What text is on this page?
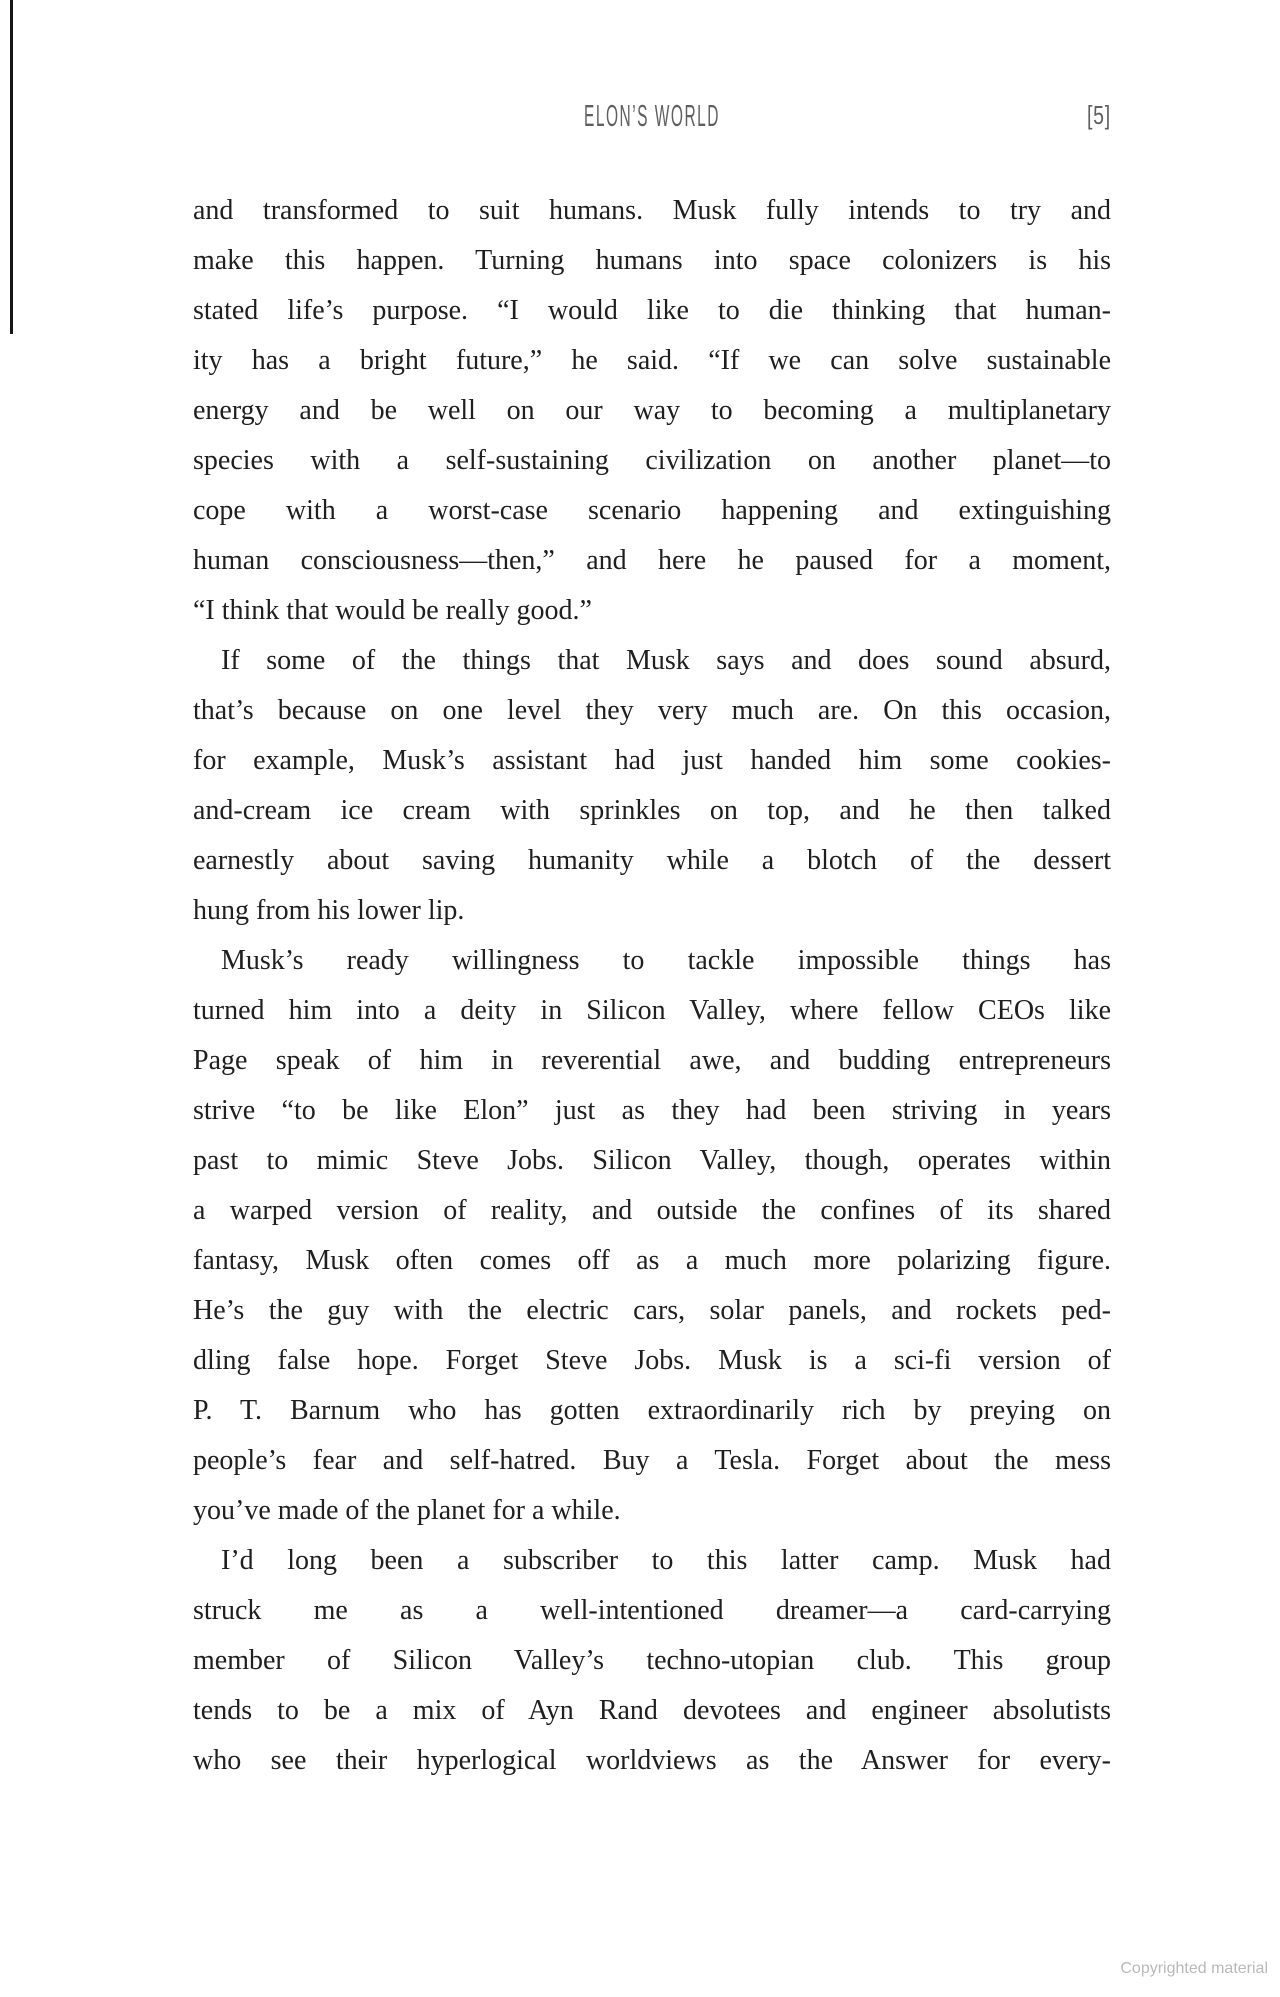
ELON’S WORLD	[5]
and transformed to suit humans. Musk fully intends to try and
make this happen. Turning humans into space colonizers is his
stated life’s purpose. “I would like to die thinking that human-
ity has a bright future,” he said. “If we can solve sustainable
energy and be well on our way to becoming a multiplanetary
species with a self-sustaining civilization on another planet—to
cope with a worst-case scenario happening and extinguishing
human consciousness—then,” and here he paused for a moment,
“I think that would be really good.”
If some of the things that Musk says and does sound absurd,
that’s because on one level they very much are. On this occasion,
for example, Musk’s assistant had just handed him some cookies-
and-cream ice cream with sprinkles on top, and he then talked
earnestly about saving humanity while a blotch of the dessert
hung from his lower lip.
Musk’s ready willingness to tackle impossible things has
turned him into a deity in Silicon Valley, where fellow CEOs like
Page speak of him in reverential awe, and budding entrepreneurs
strive “to be like Elon” just as they had been striving in years
past to mimic Steve Jobs. Silicon Valley, though, operates within
a warped version of reality, and outside the confines of its shared
fantasy, Musk often comes off as a much more polarizing figure.
He’s the guy with the electric cars, solar panels, and rockets ped-
dling false hope. Forget Steve Jobs. Musk is a sci-fi version of
P. T. Barnum who has gotten extraordinarily rich by preying on
people’s fear and self-hatred. Buy a Tesla. Forget about the mess
you’ve made of the planet for a while.
I’d long been a subscriber to this latter camp. Musk had
struck me as a well-intentioned dreamer—a card-carrying
member of Silicon Valley’s techno-utopian club. This group
tends to be a mix of Ayn Rand devotees and engineer absolutists
who see their hyperlogical worldviews as the Answer for every-
Copyrighted material
